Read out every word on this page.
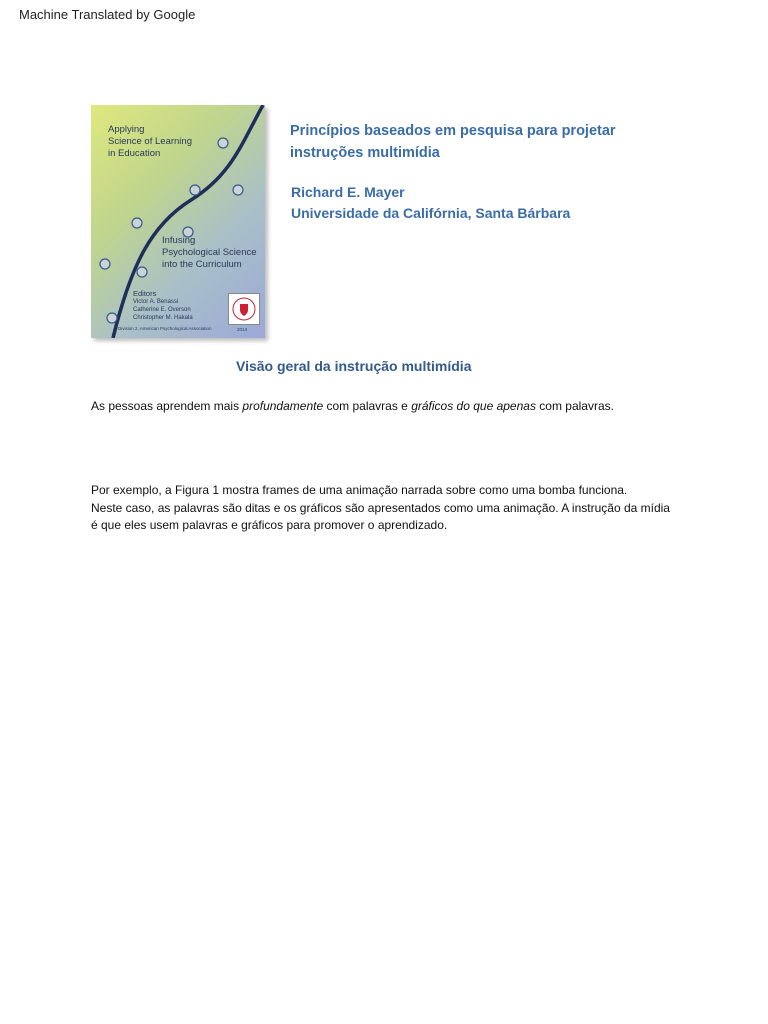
Machine Translated by Google
Applying
Science of Learning
in Education
Infusing
Psychological Science
into the Curriculum
Editors
Victor A. Benassi
Catherine E. Overson
Christopher M. Hakala
Division 2, American Psychological Association	2014
Princípios baseados em pesquisa para projetar
instruções multimídia
Richard E. Mayer
Universidade da Califórnia, Santa Bárbara
Visão geral da instrução multimídia
As pessoas aprendem mais profundamente com palavras e gráficos do que apenas com palavras.
Por exemplo, a Figura 1 mostra frames de uma animação narrada sobre como uma bomba funciona.
Neste caso, as palavras são ditas e os gráficos são apresentados como uma animação. A instrução da mídia
é que eles usem palavras e gráficos para promover o aprendizado.
